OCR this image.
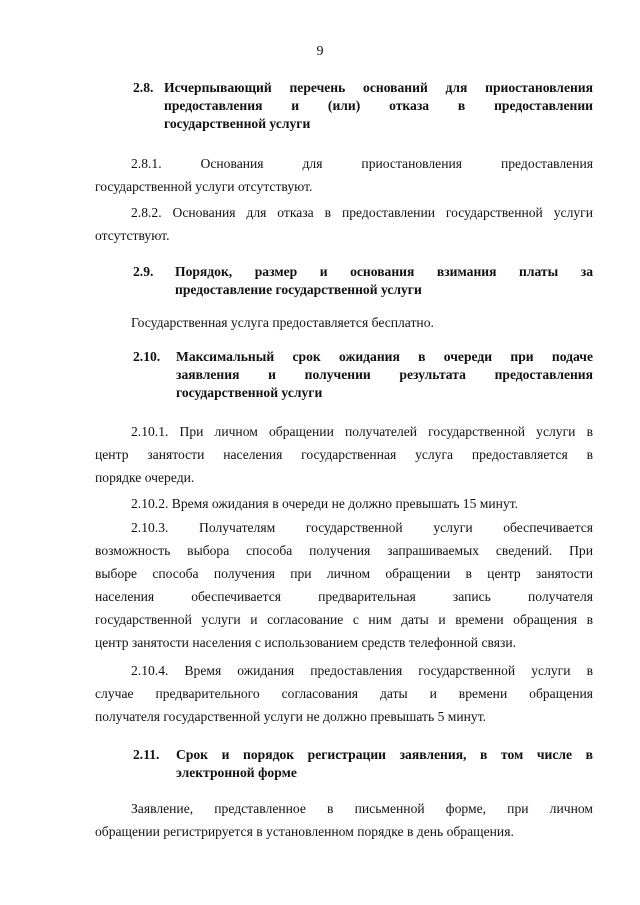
9
2.8. Исчерпывающий перечень оснований для приостановления
предоставления и (или) отказа в предоставлении
государственной услуги
2.8.1. Основания для приостановления предоставления
государственной услуги отсутствуют.
2.8.2. Основания для отказа в предоставлении государственной услуги
отсутствуют.
2.9.	Порядок, размер и основания взимания платы за
предоставление государственной услуги
Государственная услуга предоставляется бесплатно.
2.10.	Максимальный срок ожидания в очереди при подаче
заявления и получении результата предоставления
государственной услуги
2.10.1. При личном обращении получателей государственной услуги в
центр занятости населения государственная услуга предоставляется в
порядке очереди.
2.10.2. Время ожидания в очереди не должно превышать 15 минут.
2.10.3. Получателям государственной услуги обеспечивается
возможность выбора способа получения запрашиваемых сведений. При
выборе способа получения при личном обращении в центр занятости
населения обеспечивается предварительная запись получателя
государственной услуги и согласование с ним даты и времени обращения в
центр занятости населения с использованием средств телефонной связи.
2.10.4. Время ожидания предоставления государственной услуги в
случае предварительного согласования даты и времени обращения
получателя государственной услуги не должно превышать 5 минут.
2.11.	Срок и порядок регистрации заявления, в том числе в
электронной форме
Заявление, представленное в письменной форме, при личном
обращении регистрируется в установленном порядке в день обращения.
